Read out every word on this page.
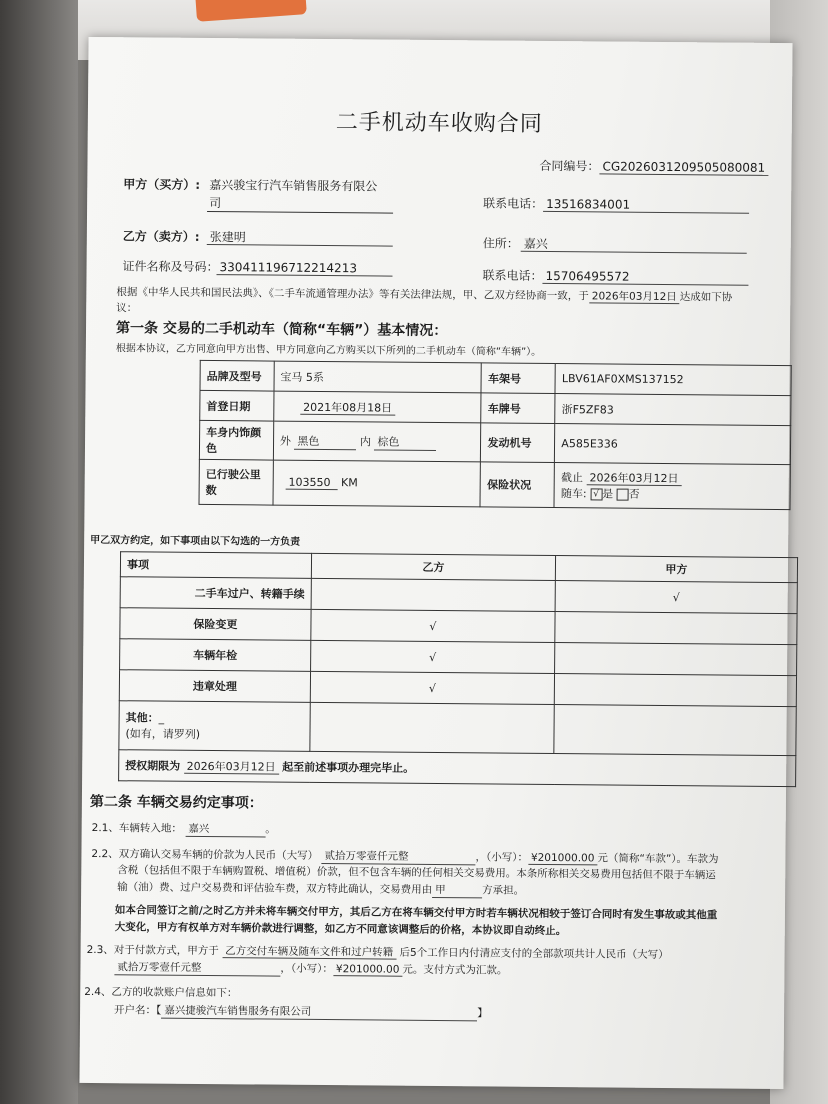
二手机动车收购合同
合同编号： CG2026031209505080081
甲方（买方）: 嘉兴骏宝行汽车销售服务有限公
司	联系电话： 13516834001
乙方（卖方）: 张建明	住所： 嘉兴
证件名称及号码： 330411196712214213
联系电话： 15706495572
根据《中华人民共和国民法典》、《二手车流通管理办法》等有关法律法规，甲、乙双方经协商一致，于 2026年03月12日 达成如下协
议：
第一条 交易的二手机动车（简称“车辆”）基本情况：
根据本协议，乙方同意向甲方出售、甲方同意向乙方购买以下所列的二手机动车（简称“车辆”）。
品牌及型号	宝马 5系	车架号	LBV61AF0XMS137152
首登日期	2021年08月18日	车牌号	浙F5ZF83
车身内饰颜
色	外 黑色 内 棕色	发动机号	A585E336
已行驶公里
数	103550 KM	保险状况	截止 2026年03月12日
随车: √ 是 否
甲乙双方约定，如下事项由以下勾选的一方负责
事项	乙方	甲方
二手车过户、转籍手续		√
保险变更	√	
车辆年检	√	
违章处理	√	
其他：_
(如有，请罗列)		
授权期限为 2026年03月12日 起至前述事项办理完毕止。		
第二条 车辆交易约定事项：
2.1、车辆转入地： 嘉兴	。
2.2、双方确认交易车辆的价款为人民币（大写） 贰拾万零壹仟元整	，（小写）： ¥201000.00 元（简称“车款”）。车款为
含税（包括但不限于车辆购置税、增值税）价款，但不包含车辆的任何相关交易费用。本条所称相关交易费用包括但不限于车辆运
输（油）费、过户交易费和评估验车费，双方特此确认，交易费用由 甲	方承担。
如本合同签订之前/之时乙方并未将车辆交付甲方，其后乙方在将车辆交付甲方时若车辆状况相较于签订合同时有发生事故或其他重
大变化，甲方有权单方对车辆价款进行调整，如乙方不同意该调整后的价格，本协议即自动终止。
2.3、对于付款方式，甲方于 乙方交付车辆及随车文件和过户转籍 后5个工作日内付清应支付的全部款项共计人民币（大写）
贰拾万零壹仟元整	，（小写）： ¥201000.00 元。支付方式为汇款。
2.4、乙方的收款账户信息如下：
开户名：【 嘉兴捷骏汽车销售服务有限公司	】
